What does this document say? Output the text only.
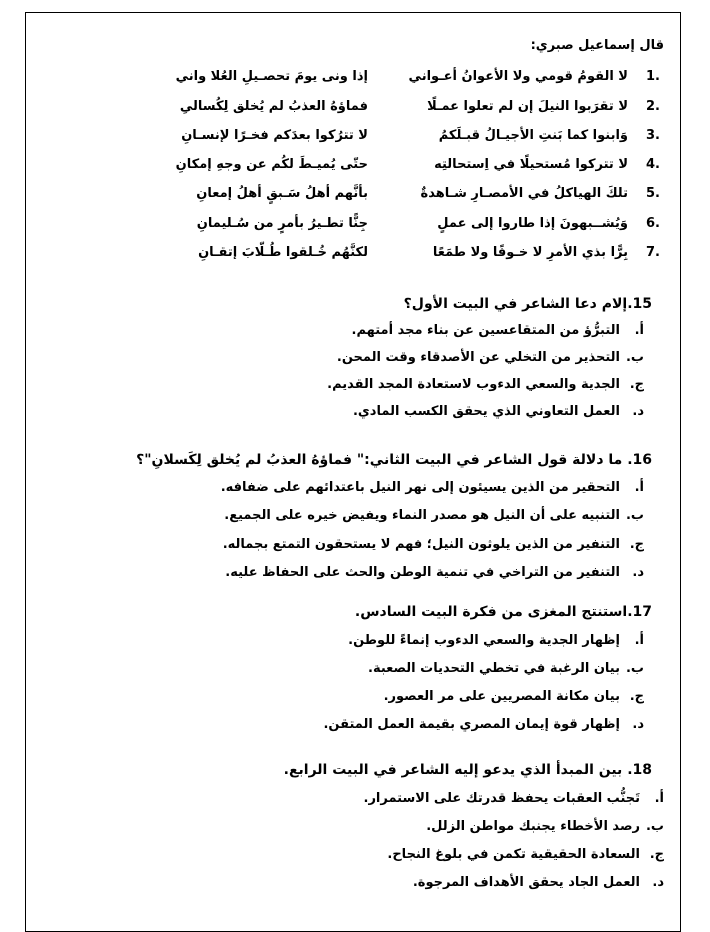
قال إسماعيل صبري:
1.
لا القومُ قومي ولا الأعوانُ أعـواني
إذا ونى يومَ تحصـيلِ العُلا واني
2.
لا تقرَبوا النيلَ إن لم تعلوا عمـلًا
فماؤهُ العذبُ لم يُخلق لِكُسالىِ
3.
وَابنوا كما بَنتِ الأجيـالُ قبـلَكمُ
لا تترُكوا بعدَكم فخـرًا لإنسـانِ
4.
لا تتركوا مُستحيلًا في اِستحالتِه
حتّى يُميـطَ لكُم عن وجهِ إمكانِ
5.
تلكَ الهياكلُ في الأمصـارِ شـاهدةٌ
بأنَّهم أهلُ سَـبقٍ أهلُ إمعانِ
6.
وَيُشــبهونَ إذا طاروا إلى عملٍ
جِنًّا تطـيرُ بأمرٍ من سُـليمانِ
7.
بِرًّا بذي الأمرِ لا خـوفًا ولا طمَعًا
لكنَّهُم خُـلقوا طُـلّابَ إتقـانِ
15.إلام دعا الشاعر في البيت الأول؟
أ.التبرُّؤ من المتقاعسين عن بناء مجد أمتهم.
ب.التحذير من التخلي عن الأصدقاء وقت المحن.
ج.الجدية والسعي الدءوب لاستعادة المجد القديم.
د.العمل التعاوني الذي يحقق الكسب المادي.
16. ما دلالة قول الشاعر في البيت الثاني:" فماؤهُ العذبُ لم يُخلق لِكَسلانِ"؟
أ.التحقير من الذين يسيئون إلى نهر النيل باعتدائهم على ضفافه.
ب.التنبيه على أن النيل هو مصدر النماء ويفيض خيره على الجميع.
ج.التنفير من الذين يلوثون النيل؛ فهم لا يستحقون التمتع بجماله.
د.التنفير من التراخي في تنمية الوطن والحث على الحفاظ عليه.
17.استنتج المغزى من فكرة البيت السادس.
أ.إظهار الجدية والسعي الدءوب إنماءً للوطن.
ب.بيان الرغبة في تخطي التحديات الصعبة.
ج.بيان مكانة المصريين على مر العصور.
د.إظهار قوة إيمان المصري بقيمة العمل المتقن.
18. بين المبدأ الذي يدعو إليه الشاعر في البيت الرابع.
أ.تَجنُّب العقبات يحفظ قدرتك على الاستمرار.
ب.رصد الأخطاء يجنبك مواطن الزلل.
ج.السعادة الحقيقية تكمن في بلوغ النجاح.
د.العمل الجاد يحقق الأهداف المرجوة.
